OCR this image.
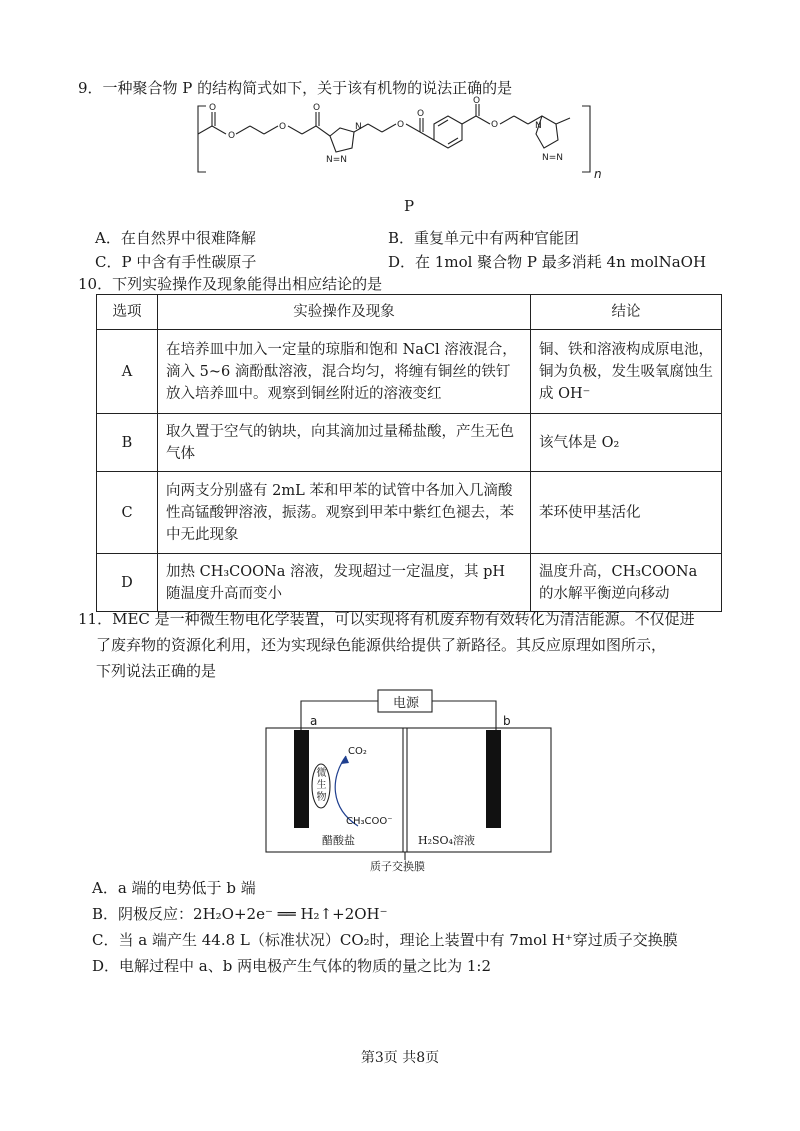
9．一种聚合物 P 的结构简式如下，关于该有机物的说法正确的是
O
O
O
O
N
N=N
O
O
O
O	N
N=N
n
P
A．在自然界中很难降解	B．重复单元中有两种官能团
C．P 中含有手性碳原子	D．在 1mol 聚合物 P 最多消耗 4n molNaOH
10．下列实验操作及现象能得出相应结论的是
选项	实验操作及现象	结论
A	在培养皿中加入一定量的琼脂和饱和 NaCl 溶液混合，滴入 5~6 滴酚酞溶液，混合均匀，将缠有铜丝的铁钉放入培养皿中。观察到铜丝附近的溶液变红	铜、铁和溶液构成原电池，铜为负极，发生吸氧腐蚀生成 OH⁻
B	取久置于空气的钠块，向其滴加过量稀盐酸，产生无色气体	该气体是 O₂
C	向两支分别盛有 2mL 苯和甲苯的试管中各加入几滴酸性高锰酸钾溶液，振荡。观察到甲苯中紫红色褪去，苯中无此现象	苯环使甲基活化
D	加热 CH₃COONa 溶液，发现超过一定温度，其 pH 随温度升高而变小	温度升高，CH₃COONa 的水解平衡逆向移动
11．MEC 是一种微生物电化学装置，可以实现将有机废弃物有效转化为清洁能源。不仅促进
了废弃物的资源化利用，还为实现绿色能源供给提供了新路径。其反应原理如图所示，
下列说法正确的是
电源
a	b
CO₂
微
生
物
CH₃COO⁻
醋酸盐	H₂SO₄溶液
质子交换膜
A．a 端的电势低于 b 端
B．阴极反应：2H₂O+2e⁻ ══ H₂↑+2OH⁻
C．当 a 端产生 44.8 L（标准状况）CO₂时，理论上装置中有 7mol H⁺穿过质子交换膜
D．电解过程中 a、b 两电极产生气体的物质的量之比为 1:2
第3页 共8页
